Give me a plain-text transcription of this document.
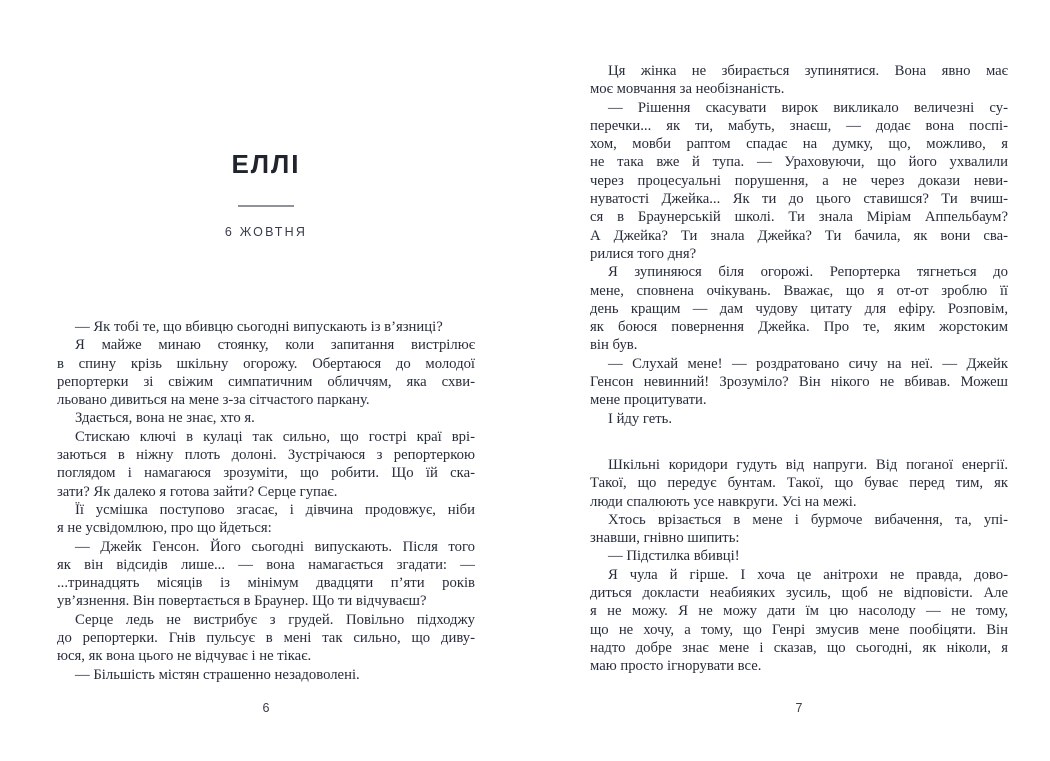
ЕЛЛІ
6 ЖОВТНЯ
— Як тобі те, що вбивцю сьогодні випускають із в’язниці?
Я майже минаю стоянку, коли запитання вистрілює
в спину крізь шкільну огорожу. Обертаюся до молодої
репортерки зі свіжим симпатичним обличчям, яка схви-
льовано дивиться на мене з-за сітчастого паркану.
Здається, вона не знає, хто я.
Стискаю ключі в кулаці так сильно, що гострі краї врі-
заються в ніжну плоть долоні. Зустрічаюся з репортеркою
поглядом і намагаюся зрозуміти, що робити. Що їй ска-
зати? Як далеко я готова зайти? Серце гупає.
Її усмішка поступово згасає, і дівчина продовжує, ніби
я не усвідомлюю, про що йдеться:
— Джейк Генсон. Його сьогодні випускають. Після того
як він відсидів лише... — вона намагається згадати: —
...тринадцять місяців із мінімум двадцяти п’яти років
ув’язнення. Він повертається в Браунер. Що ти відчуваєш?
Серце ледь не вистрибує з грудей. Повільно підходжу
до репортерки. Гнів пульсує в мені так сильно, що диву-
юся, як вона цього не відчуває і не тікає.
— Більшість містян страшенно незадоволені.
6
Ця жінка не збирається зупинятися. Вона явно має
моє мовчання за необізнаність.
— Рішення скасувати вирок викликало величезні су-
перечки... як ти, мабуть, знаєш, — додає вона поспі-
хом, мовби раптом спадає на думку, що, можливо, я
не така вже й тупа. — Ураховуючи, що його ухвалили
через процесуальні порушення, а не через докази неви-
нуватості Джейка... Як ти до цього ставишся? Ти вчиш-
ся в Браунерській школі. Ти знала Міріам Аппельбаум?
А Джейка? Ти знала Джейка? Ти бачила, як вони сва-
рилися того дня?
Я зупиняюся біля огорожі. Репортерка тягнеться до
мене, сповнена очікувань. Вважає, що я от-от зроблю її
день кращим — дам чудову цитату для ефіру. Розповім,
як боюся повернення Джейка. Про те, яким жорстоким
він був.
— Слухай мене! — роздратовано сичу на неї. — Джейк
Генсон невинний! Зрозуміло? Він нікого не вбивав. Можеш
мене процитувати.
І йду геть.
Шкільні коридори гудуть від напруги. Від поганої енергії.
Такої, що передує бунтам. Такої, що буває перед тим, як
люди спалюють усе навкруги. Усі на межі.
Хтось врізається в мене і бурмоче вибачення, та, упі-
знавши, гнівно шипить:
— Підстилка вбивці!
Я чула й гірше. І хоча це анітрохи не правда, дово-
диться докласти неабияких зусиль, щоб не відповісти. Але
я не можу. Я не можу дати їм цю насолоду — не тому,
що не хочу, а тому, що Генрі змусив мене пообіцяти. Він
надто добре знає мене і сказав, що сьогодні, як ніколи, я
маю просто ігнорувати все.
7
